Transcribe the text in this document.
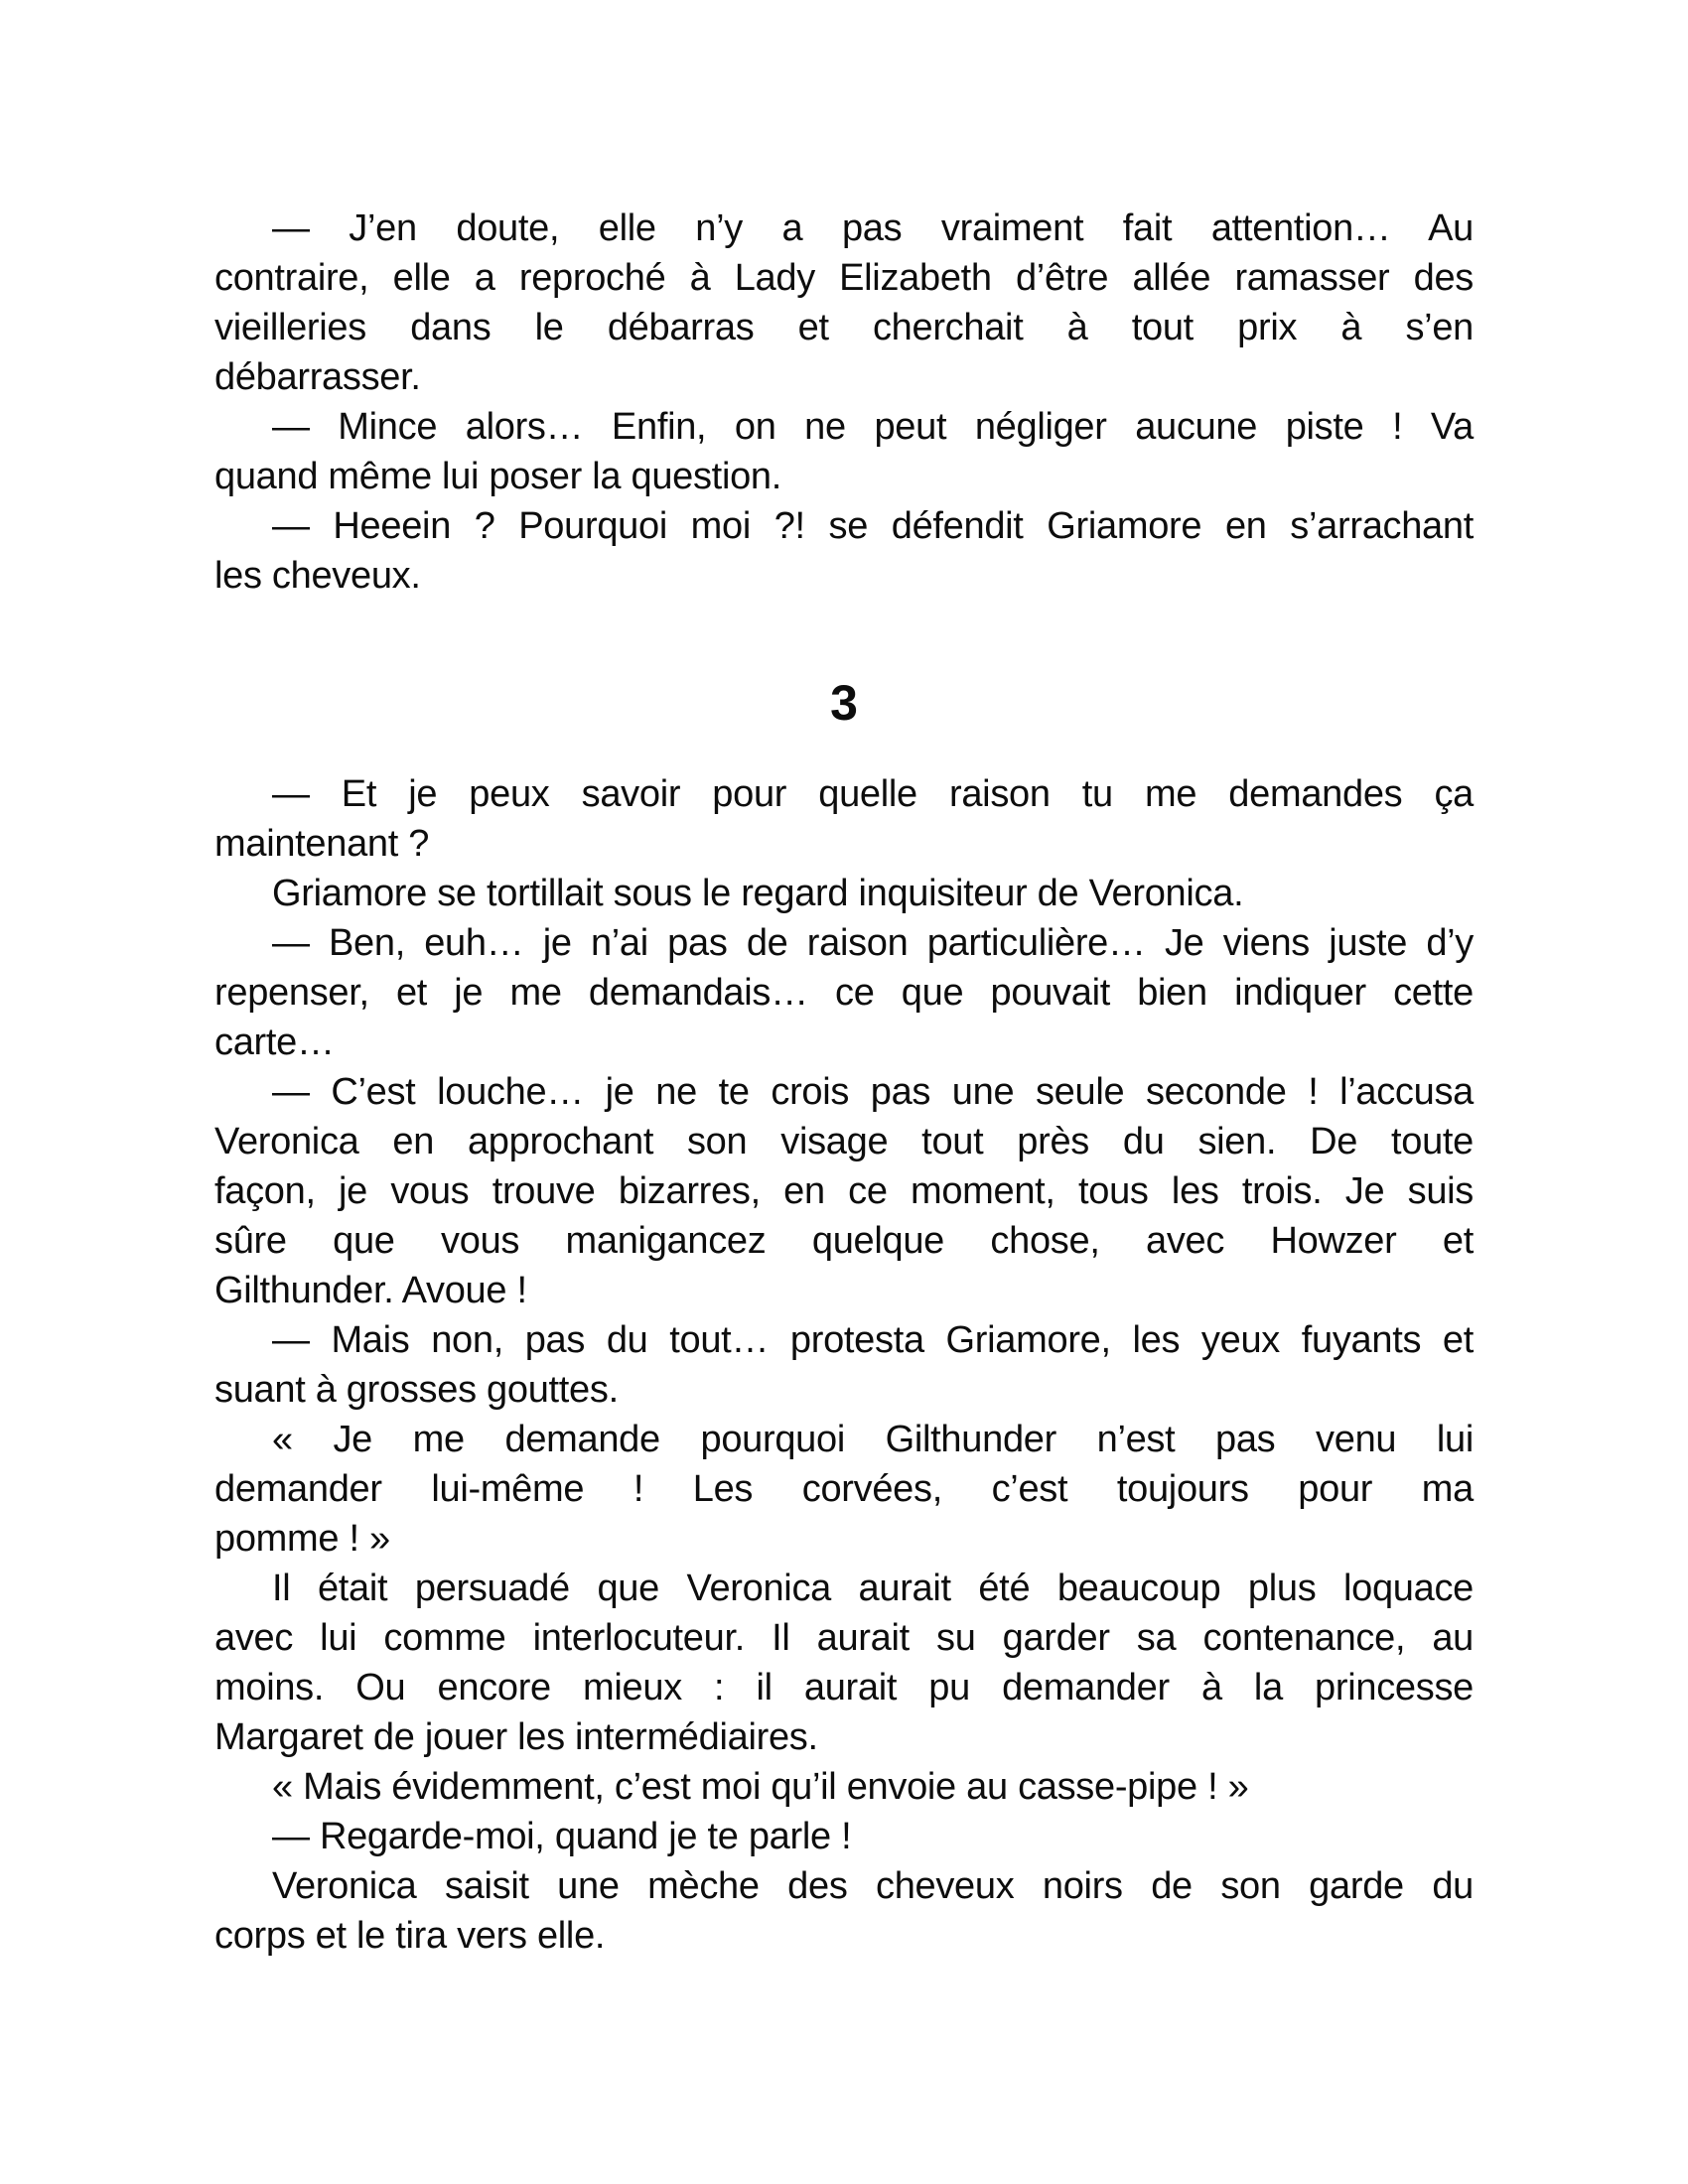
— J’en doute, elle n’y a pas vraiment fait attention… Au
contraire, elle a reproché à Lady Elizabeth d’être allée ramasser des
vieilleries dans le débarras et cherchait à tout prix à s’en
débarrasser.
— Mince alors… Enfin, on ne peut négliger aucune piste ! Va
quand même lui poser la question.
— Heeein ? Pourquoi moi ?! se défendit Griamore en s’arrachant
les cheveux.
3
— Et je peux savoir pour quelle raison tu me demandes ça
maintenant ?
Griamore se tortillait sous le regard inquisiteur de Veronica.
— Ben, euh… je n’ai pas de raison particulière… Je viens juste d’y
repenser, et je me demandais… ce que pouvait bien indiquer cette
carte…
— C’est louche… je ne te crois pas une seule seconde ! l’accusa
Veronica en approchant son visage tout près du sien. De toute
façon, je vous trouve bizarres, en ce moment, tous les trois. Je suis
sûre que vous manigancez quelque chose, avec Howzer et
Gilthunder. Avoue !
— Mais non, pas du tout… protesta Griamore, les yeux fuyants et
suant à grosses gouttes.
« Je me demande pourquoi Gilthunder n’est pas venu lui
demander lui-même ! Les corvées, c’est toujours pour ma
pomme ! »
Il était persuadé que Veronica aurait été beaucoup plus loquace
avec lui comme interlocuteur. Il aurait su garder sa contenance, au
moins. Ou encore mieux : il aurait pu demander à la princesse
Margaret de jouer les intermédiaires.
« Mais évidemment, c’est moi qu’il envoie au casse-pipe ! »
— Regarde-moi, quand je te parle !
Veronica saisit une mèche des cheveux noirs de son garde du
corps et le tira vers elle.
